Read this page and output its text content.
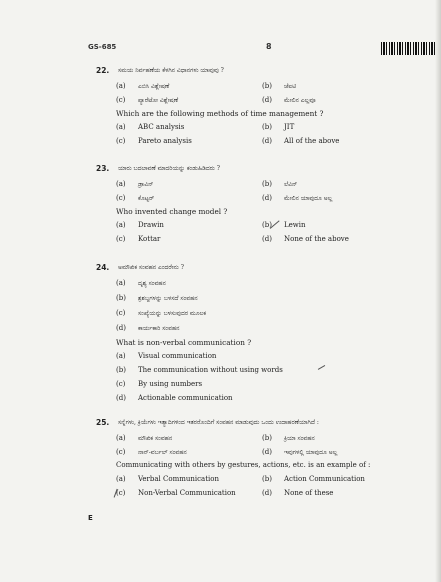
GS-685	8
22. ಸಮಯ ನಿರ್ವಹಣೆಯ ಕೆಳಗಿನ ವಿಧಾನಗಳು ಯಾವುವು ?
(a) ಎಬಿಸಿ ವಿಶ್ಲೇಷಣೆ	(b) ಜೆಐಟಿ
(c) ಪ್ಯಾರೆಟೋ ವಿಶ್ಲೇಷಣೆ	(d) ಮೇಲಿನ ಎಲ್ಲವೂ
Which are the following methods of time management ?
(a) ABC analysis	(b) JIT
(c) Pareto analysis	(d) All of the above
23. ಯಾರು ಬದಲಾವಣೆ ಮಾದರಿಯನ್ನು ಕಂಡುಹಿಡಿದರು ?
(a) ಡ್ರಾವಿನ್	(b) ಲೆವಿನ್
(c) ಕೊಟ್ಟರ್	(d) ಮೇಲಿನ ಯಾವುದೂ ಅಲ್ಲ
Who invented change model ?
(a) Drawin	(b) Lewin
(c) Kottar	(d) None of the above
24. ಅಮೌಖಿಕ ಸಂವಹನ ಎಂದರೇನು ?
(a) ದೃಶ್ಯ ಸಂವಹನ
(b) ಶ್ರಶಬ್ದಗಳನ್ನು ಬಳಸದೆ ಸಂವಹನ
(c) ಸಂಖ್ಯೆಯನ್ನು ಬಳಸುವುದರ ಮೂಲಕ
(d) ಕಾರ್ಯಕಾರಿ ಸಂವಹನ
What is non-verbal communication ?
(a) Visual communication
(b) The communication without using words
(c) By using numbers
(d) Actionable communication
25. ಸನ್ನೆಗಳು, ಕ್ರಿಯೆಗಳು ಇತ್ಯಾದಿಗಳಿಂದ ಇತರರೊಂದಿಗೆ ಸಂವಹನ ಮಾಡುವುದು ಒಂದು ಉದಾಹರಣೆಯಾಗಿದೆ :
(a) ಮೌಖಿಕ ಸಂವಹನ	(b) ಕ್ರಿಯಾ ಸಂವಹನ
(c) ನಾನ್-ವರ್ಬಲ್ ಸಂವಹನ	(d) ಇವುಗಳಲ್ಲಿ ಯಾವುದೂ ಅಲ್ಲ
Communicating with others by gestures, actions, etc. is an example of :
(a) Verbal Communication	(b) Action Communication
(c) Non-Verbal Communication	(d) None of these
E
